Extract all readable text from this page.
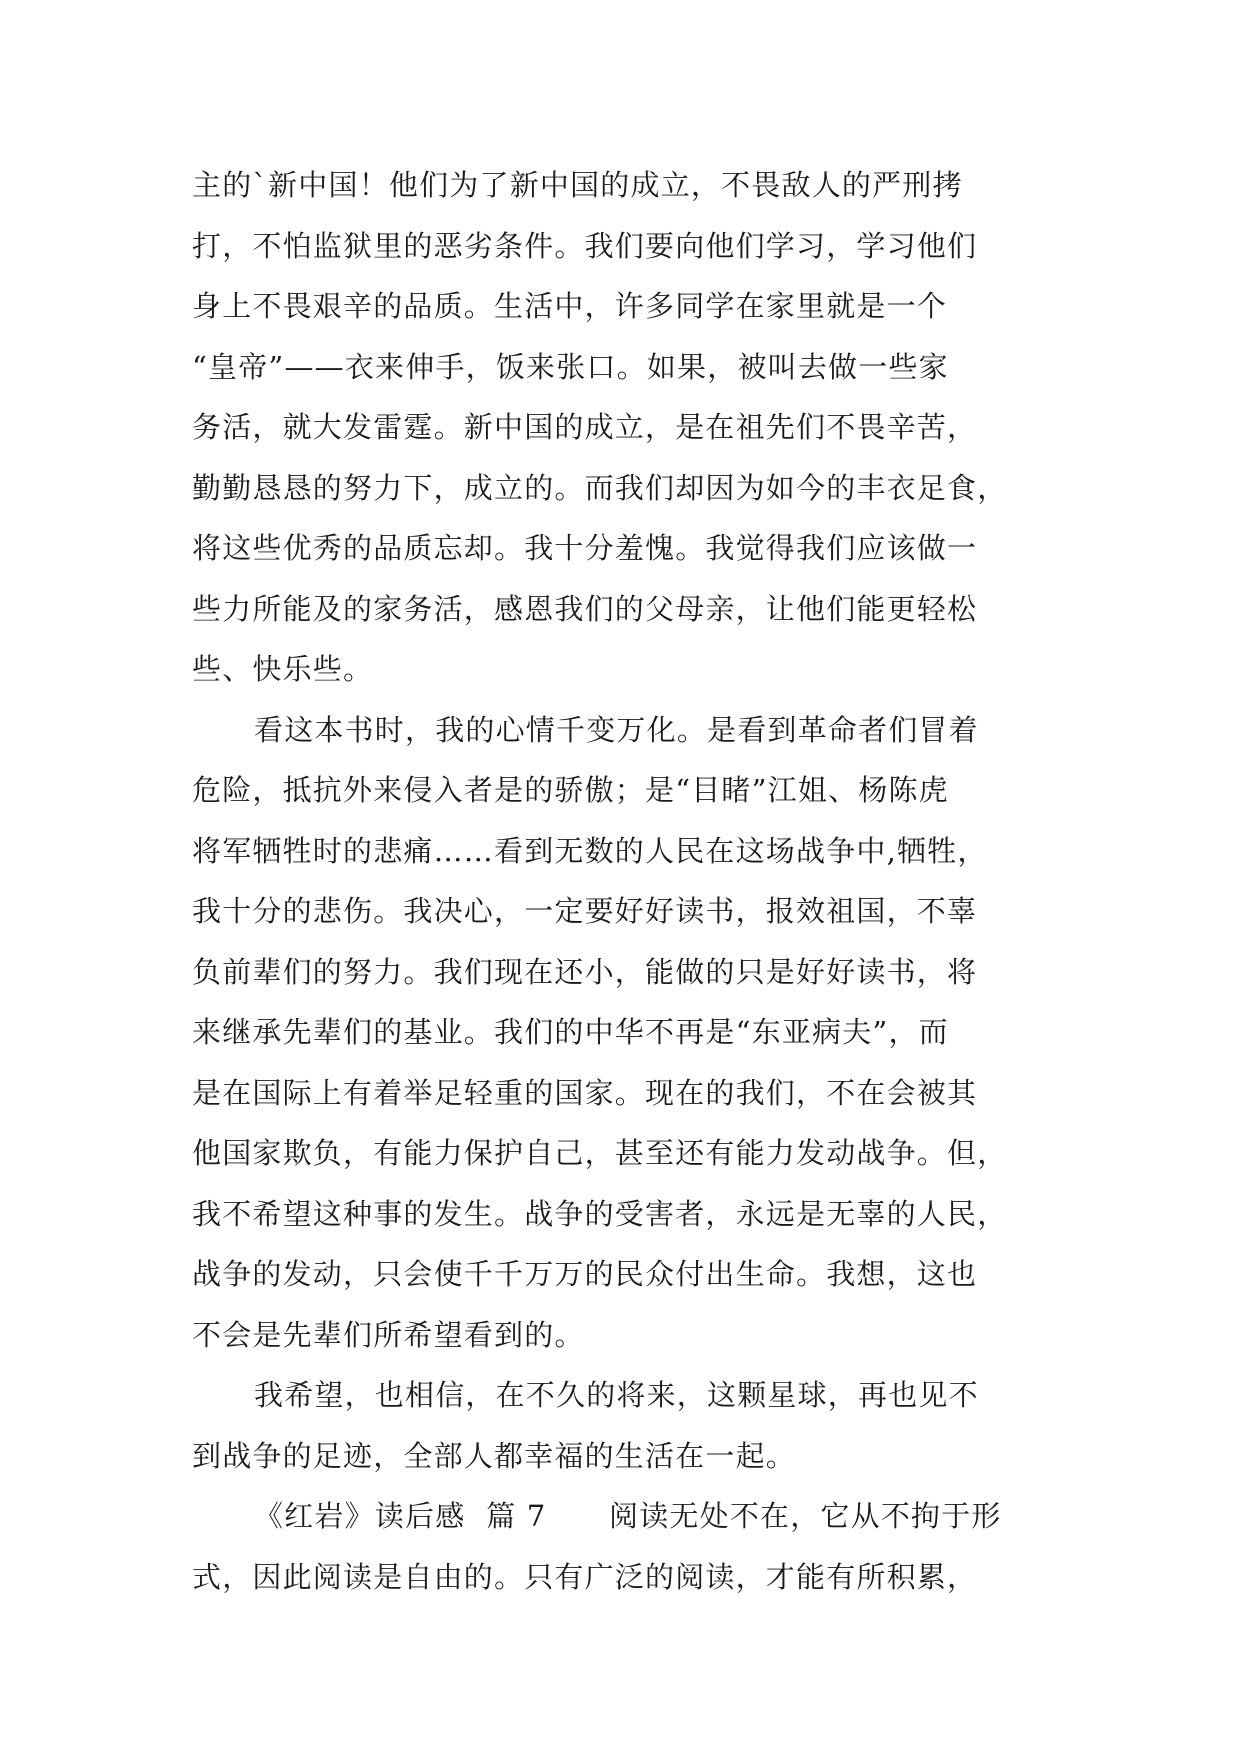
主的`新中国！他们为了新中国的成立，不畏敌人的严刑拷
打，不怕监狱里的恶劣条件。我们要向他们学习，学习他们
身上不畏艰辛的品质。生活中，许多同学在家里就是一个
“皇帝”——衣来伸手，饭来张口。如果，被叫去做一些家
务活，就大发雷霆。新中国的成立，是在祖先们不畏辛苦，
勤勤恳恳的努力下，成立的。而我们却因为如今的丰衣足食，
将这些优秀的品质忘却。我十分羞愧。我觉得我们应该做一
些力所能及的家务活，感恩我们的父母亲，让他们能更轻松
些、快乐些。
看这本书时，我的心情千变万化。是看到革命者们冒着
危险，抵抗外来侵入者是的骄傲；是“目睹”江姐、杨陈虎
将军牺牲时的悲痛……看到无数的人民在这场战争中,牺牲，
我十分的悲伤。我决心，一定要好好读书，报效祖国，不辜
负前辈们的努力。我们现在还小，能做的只是好好读书，将
来继承先辈们的基业。我们的中华不再是“东亚病夫”，而
是在国际上有着举足轻重的国家。现在的我们，不在会被其
他国家欺负，有能力保护自己，甚至还有能力发动战争。但，
我不希望这种事的发生。战争的受害者，永远是无辜的人民，
战争的发动，只会使千千万万的民众付出生命。我想，这也
不会是先辈们所希望看到的。
我希望，也相信，在不久的将来，这颗星球，再也见不
到战争的足迹，全部人都幸福的生活在一起。
《红岩》读后感  篇 7      阅读无处不在，它从不拘于形
式，因此阅读是自由的。只有广泛的阅读，才能有所积累，
